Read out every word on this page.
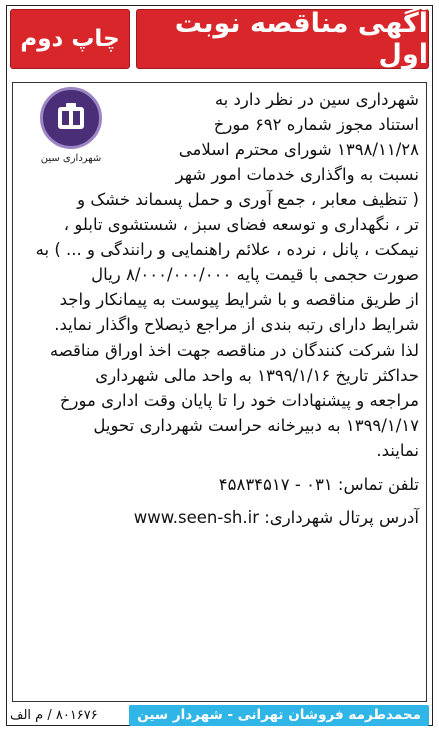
آگهی مناقصه نوبت اول
چاپ دوم
شهرداری سین
شهرداری سین در نظر دارد به
استناد مجوز شماره ۶۹۲ مورخ
۱۳۹۸/۱۱/۲۸ شورای محترم اسلامی
نسبت به واگذاری خدمات امور شهر
( تنظیف معابر ، جمع آوری و حمل پسماند خشک و
تر ، نگهداری و توسعه فضای سبز ، شستشوی تابلو ،
نیمکت ، پانل ، نرده ، علائم راهنمایی و رانندگی و ... ) به
صورت حجمی با قیمت پایه ۸/۰۰۰/۰۰۰/۰۰۰ ریال
از طریق مناقصه و با شرایط پیوست به پیمانکار واجد
شرایط دارای رتبه بندی از مراجع ذیصلاح واگذار نماید.
لذا شرکت کنندگان در مناقصه جهت اخذ اوراق مناقصه
حداکثر تاریخ ۱۳۹۹/۱/۱۶ به واحد مالی شهرداری
مراجعه و پیشنهادات خود را تا پایان وقت اداری مورخ
۱۳۹۹/۱/۱۷ به دبیرخانه حراست شهرداری تحویل
نمایند.
تلفن تماس: ۰۳۱ - ۴۵۸۳۴۵۱۷
آدرس پرتال شهرداری: www.seen-sh.ir
محمدطرمه فروشان تهرانی - شهردار سین
۸۰۱۶۷۶ / م الف
